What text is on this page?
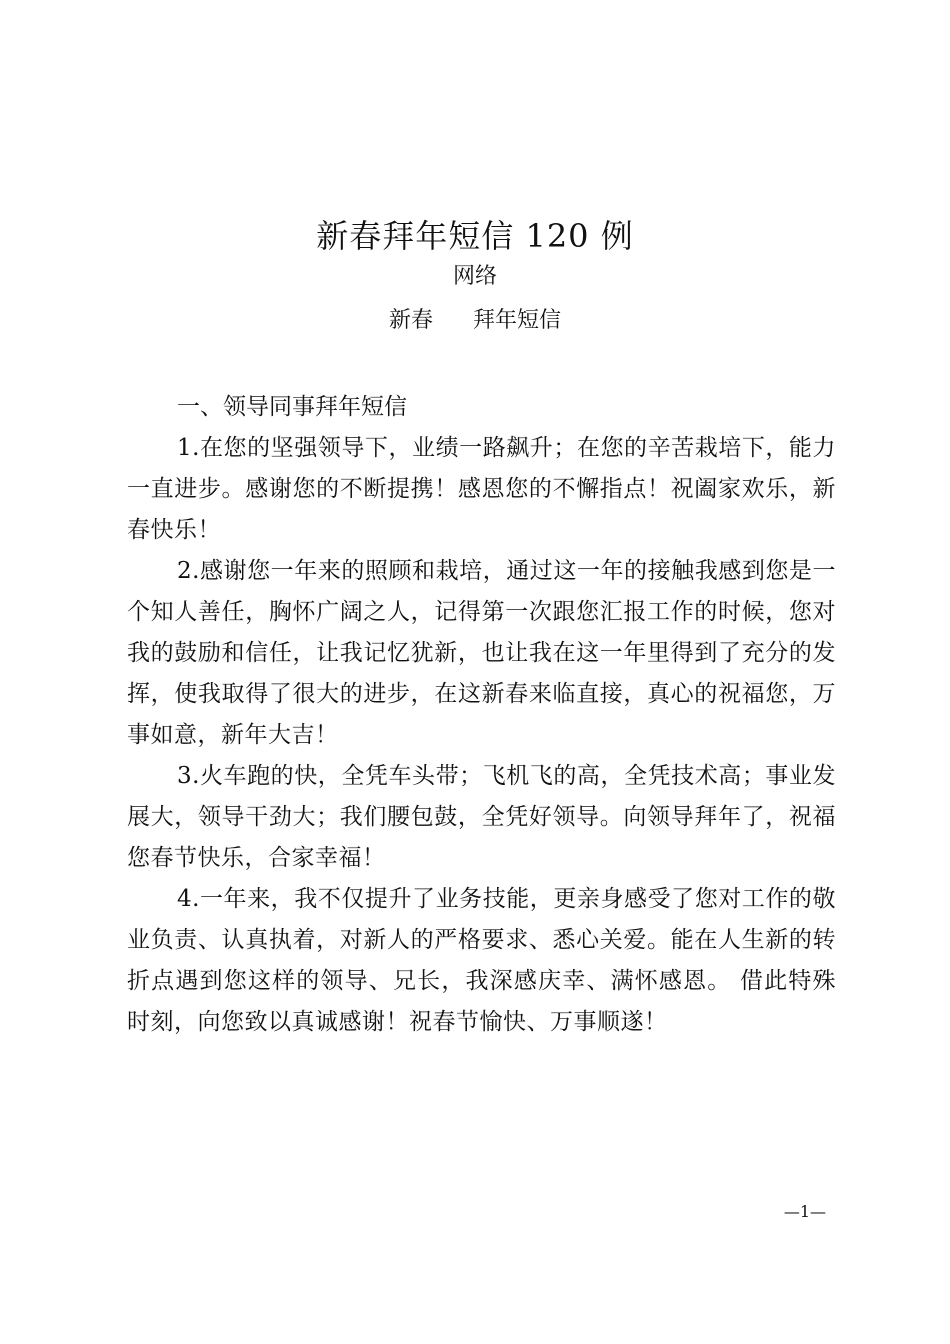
新春拜年短信 120 例
网络
新春 拜年短信

一、领导同事拜年短信

1.在您的坚强领导下，业绩一路飙升；在您的辛苦栽培下，能力一直进步。感谢您的不断提携！感恩您的不懈指点！祝阖家欢乐，新春快乐！

2.感谢您一年来的照顾和栽培，通过这一年的接触我感到您是一个知人善任，胸怀广阔之人，记得第一次跟您汇报工作的时候，您对我的鼓励和信任，让我记忆犹新，也让我在这一年里得到了充分的发挥，使我取得了很大的进步，在这新春来临直接，真心的祝福您，万事如意，新年大吉！

3.火车跑的快，全凭车头带；飞机飞的高，全凭技术高；事业发展大，领导干劲大；我们腰包鼓，全凭好领导。向领导拜年了，祝福您春节快乐，合家幸福！

4.一年来，我不仅提升了业务技能，更亲身感受了您对工作的敬业负责、认真执着，对新人的严格要求、悉心关爱。能在人生新的转折点遇到您这样的领导、兄长，我深感庆幸、满怀感恩。 借此特殊时刻，向您致以真诚感谢！祝春节愉快、万事顺遂！

—1—
